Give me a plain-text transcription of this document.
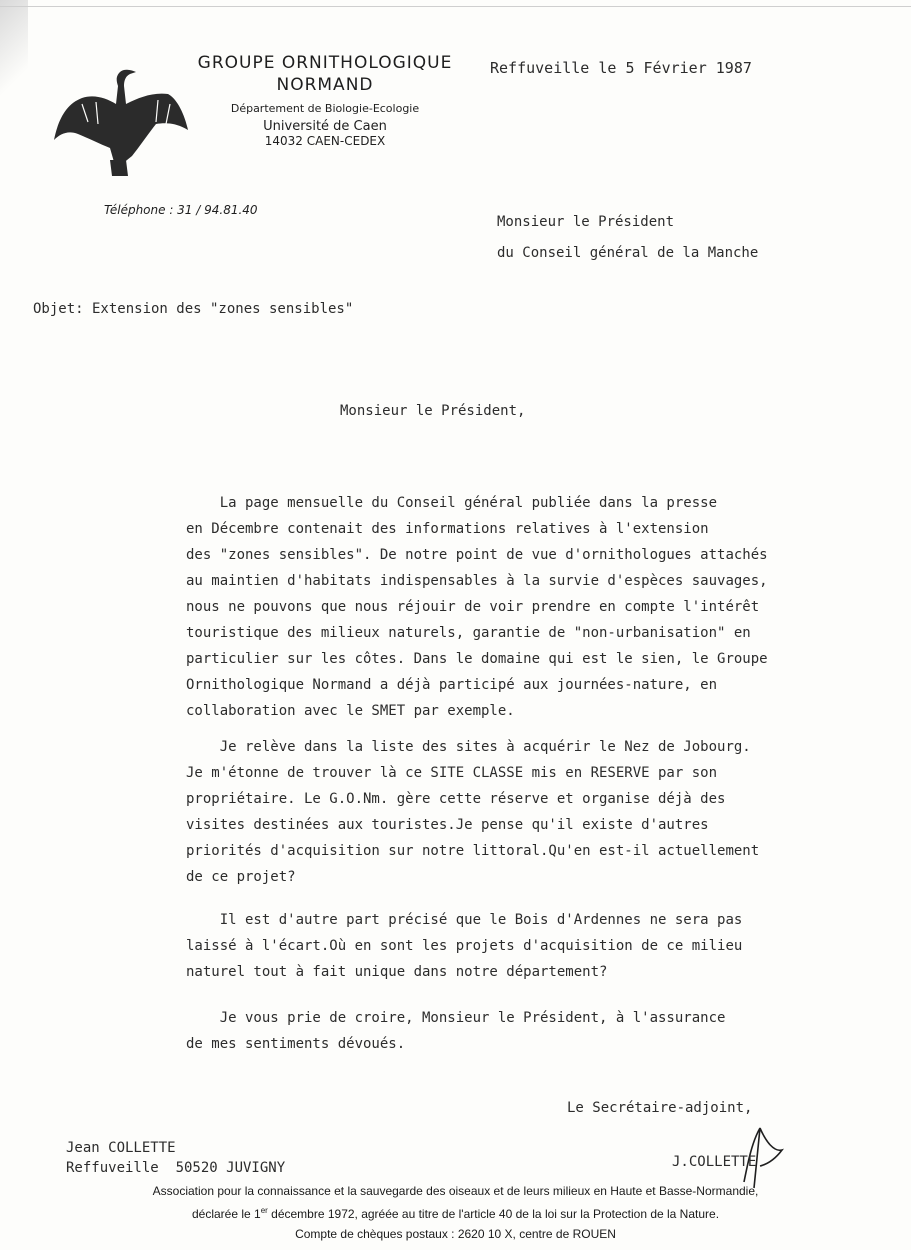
GROUPE ORNITHOLOGIQUE
NORMAND
Département de Biologie-Ecologie
Université de Caen
14032 CAEN-CEDEX
Téléphone : 31 / 94.81.40
Reffuveille le 5 Février 1987
Monsieur le Président
du Conseil général de la Manche
Objet: Extension des "zones sensibles"
Monsieur le Président,
La page mensuelle du Conseil général publiée dans la presse
en Décembre contenait des informations relatives à l'extension
des "zones sensibles". De notre point de vue d'ornithologues attachés
au maintien d'habitats indispensables à la survie d'espèces sauvages,
nous ne pouvons que nous réjouir de voir prendre en compte l'intérêt
touristique des milieux naturels, garantie de "non-urbanisation" en
particulier sur les côtes. Dans le domaine qui est le sien, le Groupe
Ornithologique Normand a déjà participé aux journées-nature, en
collaboration avec le SMET par exemple.
Je relève dans la liste des sites à acquérir le Nez de Jobourg.
Je m'étonne de trouver là ce SITE CLASSE mis en RESERVE par son
propriétaire. Le G.O.Nm. gère cette réserve et organise déjà des
visites destinées aux touristes.Je pense qu'il existe d'autres
priorités d'acquisition sur notre littoral.Qu'en est-il actuellement
de ce projet?
Il est d'autre part précisé que le Bois d'Ardennes ne sera pas
laissé à l'écart.Où en sont les projets d'acquisition de ce milieu
naturel tout à fait unique dans notre département?
Je vous prie de croire, Monsieur le Président, à l'assurance
de mes sentiments dévoués.
Le Secrétaire-adjoint,
J.COLLETTE
Jean COLLETTE
Reffuveille  50520 JUVIGNY
Association pour la connaissance et la sauvegarde des oiseaux et de leurs milieux en Haute et Basse-Normandie,
déclarée le 1er décembre 1972, agréée au titre de l'article 40 de la loi sur la Protection de la Nature.
Compte de chèques postaux : 2620 10 X, centre de ROUEN
